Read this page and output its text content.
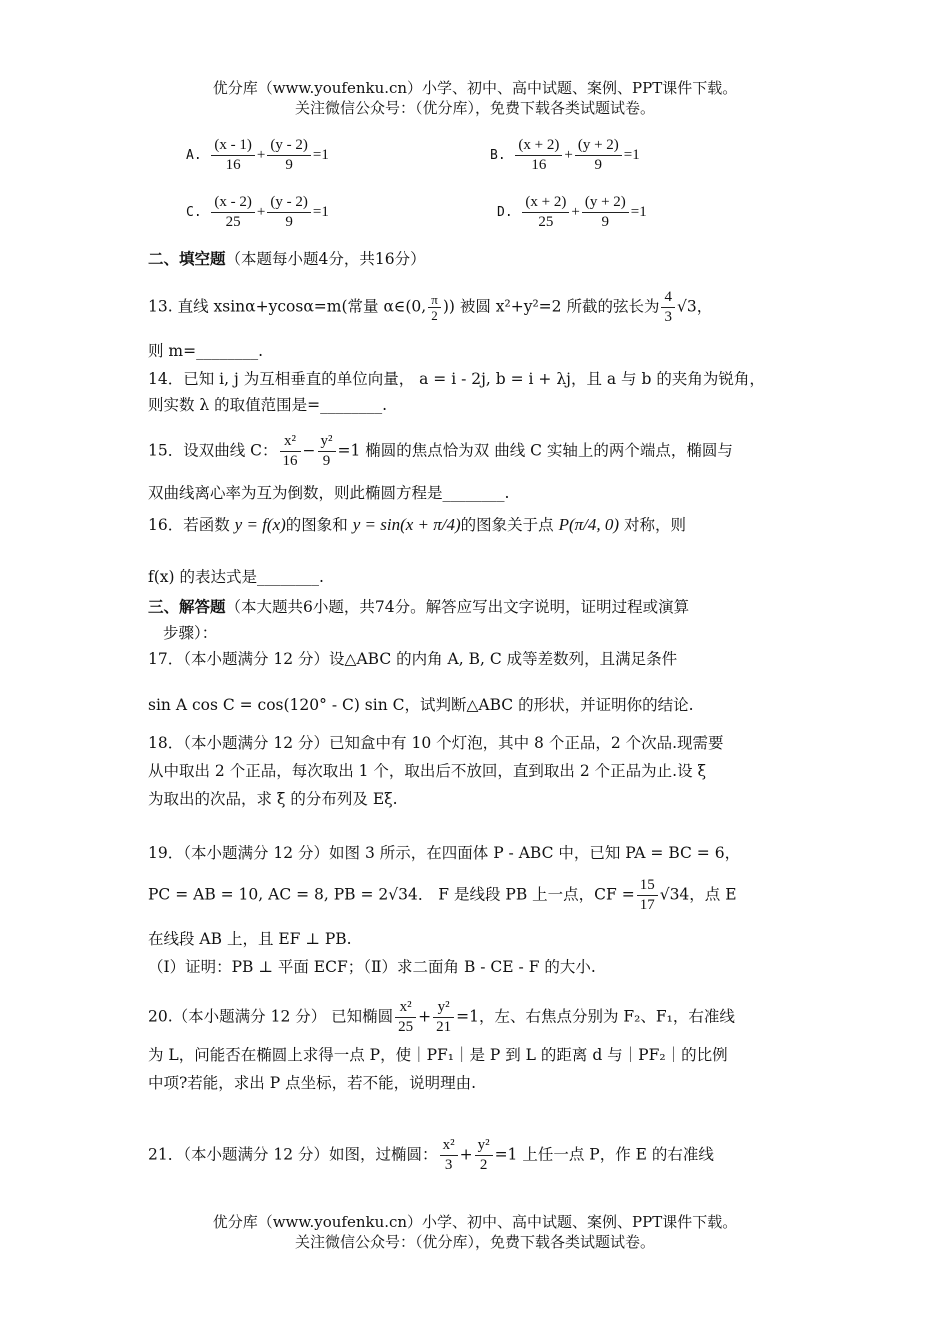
优分库（www.youfenku.cn）小学、初中、高中试题、案例、PPT课件下载。
关注微信公众号：（优分库），免费下载各类试题试卷。
A. $\frac{(x - 1)}{16} + \frac{(y - 2)}{9} =1$	B. $\frac{(x + 2)}{16} + \frac{(y + 2)}{9} =1$
C. $\frac{(x - 2)}{25} + \frac{(y - 2)}{9} =1$	D. $\frac{(x + 2)}{25} + \frac{(y + 2)}{9} =1$
二、填空题（本题每小题4分，共16分）
13. 直线 xsinα+ycosα=m(常量 α∈(0, $\frac{\pi}{2}$ )) 被圆 x²+y²=2 所截的弦长为 $\frac{4}{3} √3$，
则 m=________.
14．已知 i, j 为互相垂直的单位向量， a = i - 2j, b = i + λj，且 a 与 b 的夹角为锐角，
则实数 λ 的取值范围是=________.
15．设双曲线 C： $\frac{\text{x²}}{16} - \frac{\text{y²}}{9} =1$ 椭圆的焦点恰为双 曲线 C 实轴上的两个端点，椭圆与
双曲线离心率为互为倒数，则此椭圆方程是________.
16．若函数 y = f(x)的图象和 y = sin(x + π/4)的图象关于点 P(π/4, 0) 对称，则
f(x) 的表达式是________.
三、解答题（本大题共6小题，共74分。解答应写出文字说明，证明过程或演算
步骤）：
17．（本小题满分 12 分）设△ABC 的内角 A, B, C 成等差数列，且满足条件
sin A cos C = cos(120° - C) sin C，试判断△ABC 的形状，并证明你的结论.
18．（本小题满分 12 分）已知盒中有 10 个灯泡，其中 8 个正品，2 个次品.现需要
从中取出 2 个正品，每次取出 1 个，取出后不放回，直到取出 2 个正品为止.设 ξ
为取出的次品，求 ξ 的分布列及 Eξ.
19．（本小题满分 12 分）如图 3 所示，在四面体 P - ABC 中，已知 PA = BC = 6，
PC = AB = 10, AC = 8, PB = 2√34． F 是线段 PB 上一点，CF = $\frac{15}{17} √34$，点 E
在线段 AB 上，且 EF ⊥ PB.
（Ⅰ）证明：PB ⊥ 平面 ECF；（Ⅱ）求二面角 B - CE - F 的大小.
20.（本小题满分 12 分） 已知椭圆 $\frac{\text{x²}}{25} + \frac{\text{y²}}{21} =1$，左、右焦点分别为 F₂、F₁，右准线
为 L，问能否在椭圆上求得一点 P，使｜PF₁｜是 P 到 L 的距离 d 与｜PF₂｜的比例
中项?若能，求出 P 点坐标，若不能，说明理由.
21．（本小题满分 12 分）如图，过椭圆： $\frac{\text{x²}}{3} + \frac{\text{y²}}{2} =1$ 上任一点 P，作 E 的右准线
优分库（www.youfenku.cn）小学、初中、高中试题、案例、PPT课件下载。
关注微信公众号：（优分库），免费下载各类试题试卷。
